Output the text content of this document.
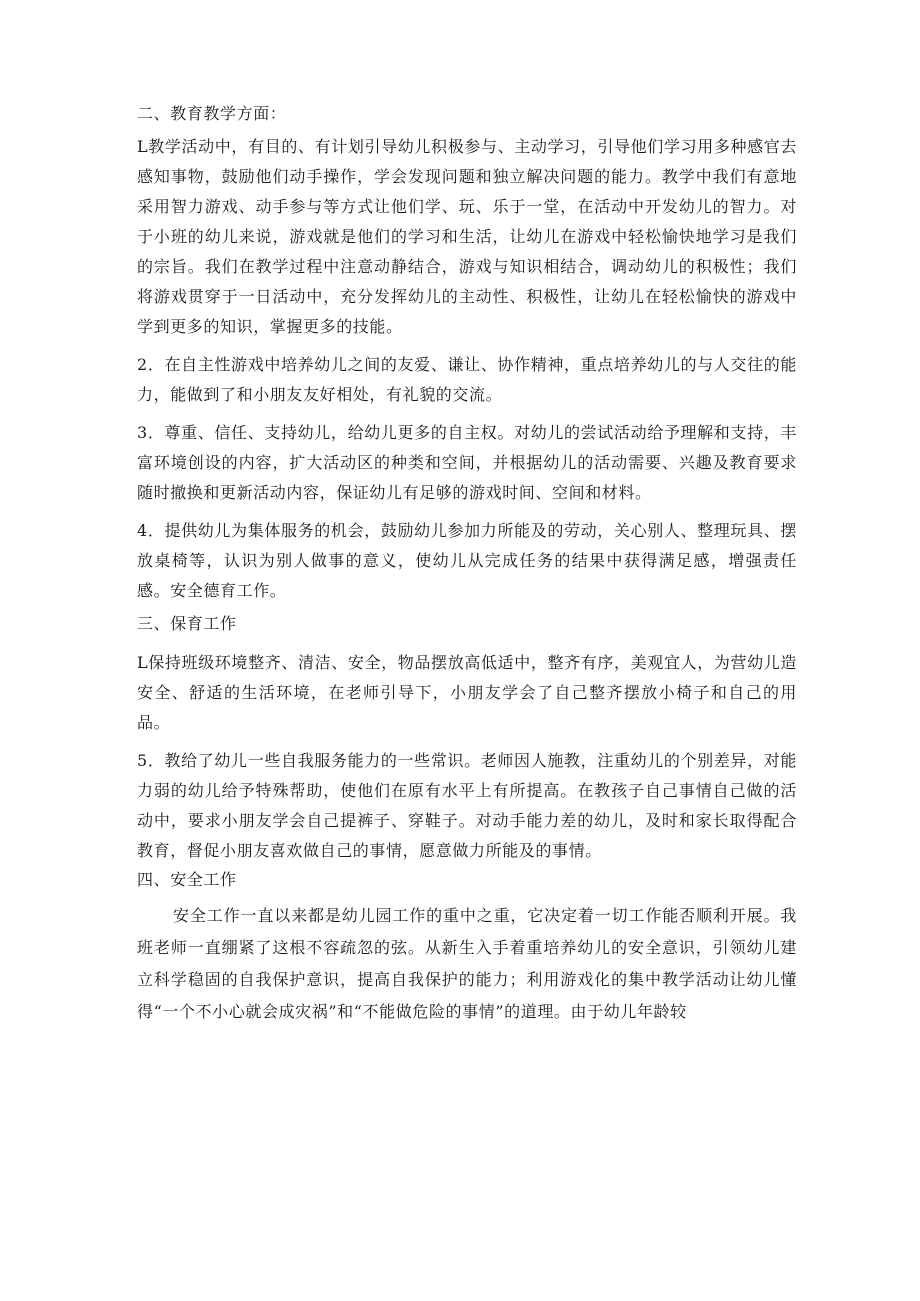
二、教育教学方面：

L教学活动中，有目的、有计划引导幼儿积极参与、主动学习，引导他们学习用多种感官去感知事物，鼓励他们动手操作，学会发现问题和独立解决问题的能力。教学中我们有意地采用智力游戏、动手参与等方式让他们学、玩、乐于一堂，在活动中开发幼儿的智力。对于小班的幼儿来说，游戏就是他们的学习和生活，让幼儿在游戏中轻松愉快地学习是我们的宗旨。我们在教学过程中注意动静结合，游戏与知识相结合，调动幼儿的积极性；我们将游戏贯穿于一日活动中，充分发挥幼儿的主动性、积极性，让幼儿在轻松愉快的游戏中学到更多的知识，掌握更多的技能。

2．在自主性游戏中培养幼儿之间的友爱、谦让、协作精神，重点培养幼儿的与人交往的能力，能做到了和小朋友友好相处，有礼貌的交流。

3．尊重、信任、支持幼儿，给幼儿更多的自主权。对幼儿的尝试活动给予理解和支持，丰富环境创设的内容，扩大活动区的种类和空间，并根据幼儿的活动需要、兴趣及教育要求随时撤换和更新活动内容，保证幼儿有足够的游戏时间、空间和材料。

4．提供幼儿为集体服务的机会，鼓励幼儿参加力所能及的劳动，关心别人、整理玩具、摆放桌椅等，认识为别人做事的意义，使幼儿从完成任务的结果中获得满足感，增强责任感。安全德育工作。

三、保育工作

L保持班级环境整齐、清洁、安全，物品摆放高低适中，整齐有序，美观宜人，为营幼儿造安全、舒适的生活环境，在老师引导下，小朋友学会了自己整齐摆放小椅子和自己的用品。

5．教给了幼儿一些自我服务能力的一些常识。老师因人施教，注重幼儿的个别差异，对能力弱的幼儿给予特殊帮助，使他们在原有水平上有所提高。在教孩子自己事情自己做的活动中，要求小朋友学会自己提裤子、穿鞋子。对动手能力差的幼儿，及时和家长取得配合教育，督促小朋友喜欢做自己的事情，愿意做力所能及的事情。

四、安全工作

安全工作一直以来都是幼儿园工作的重中之重，它决定着一切工作能否顺利开展。我班老师一直绷紧了这根不容疏忽的弦。从新生入手着重培养幼儿的安全意识，引领幼儿建立科学稳固的自我保护意识，提高自我保护的能力；利用游戏化的集中教学活动让幼儿懂得“一个不小心就会成灾祸”和“不能做危险的事情”的道理。由于幼儿年龄较
